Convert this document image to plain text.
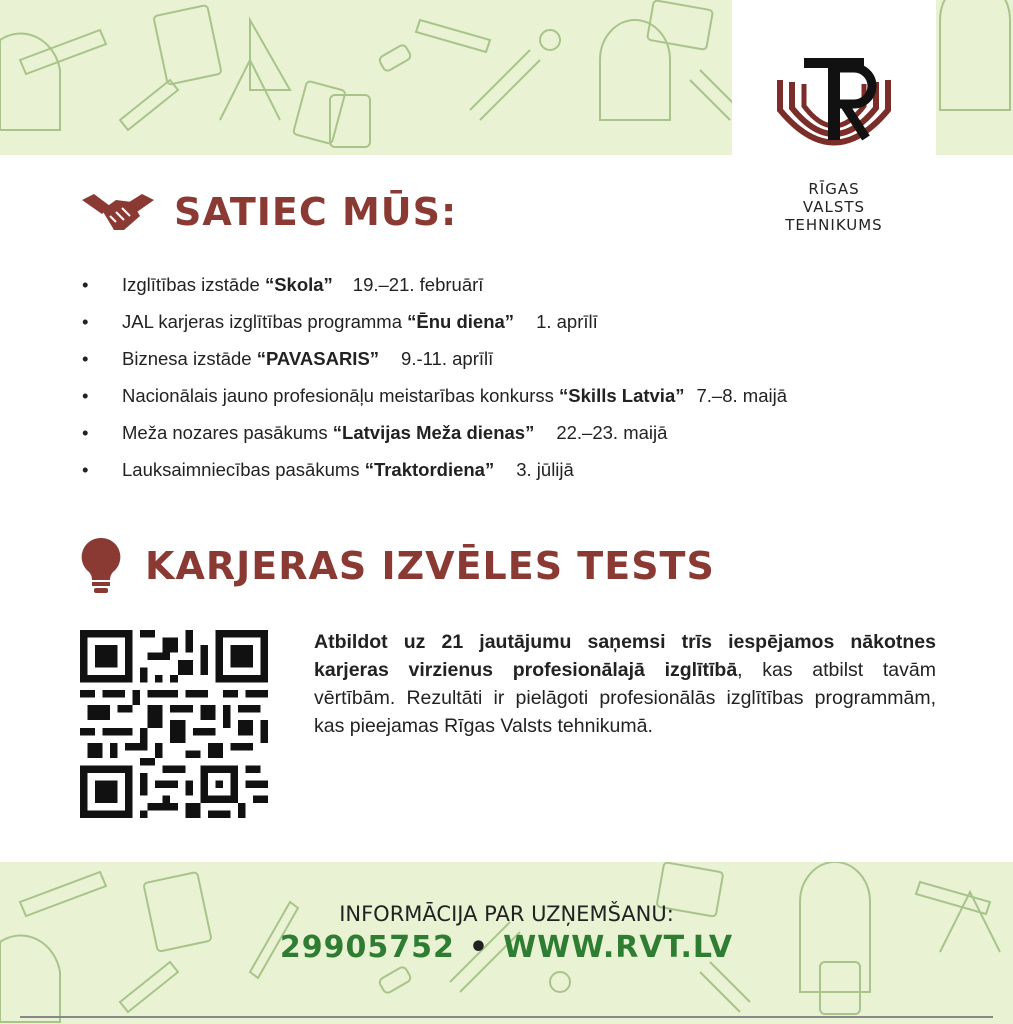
RĪGAS
VALSTS
TEHNIKUMS
SATIEC MŪS:
• Izglītības izstāde “Skola” 19.–21. februārī
• JAL karjeras izglītības programma “Ēnu diena” 1. aprīlī
• Biznesa izstāde “PAVASARIS” 9.-11. aprīlī
• Nacionālais jauno profesionāļu meistarības konkurss “Skills Latvia” 7.–8. maijā
• Meža nozares pasākums “Latvijas Meža dienas” 22.–23. maijā
• Lauksaimniecības pasākums “Traktordiena” 3. jūlijā
KARJERAS IZVĒLES TESTS
Atbildot uz 21 jautājumu saņemsi trīs iespējamos nākotnes karjeras virzienus profesionālajā izglītībā, kas atbilst tavām vērtībām. Rezultāti ir pielāgoti profesionālās izglītības programmām, kas pieejamas Rīgas Valsts tehnikumā.
INFORMĀCIJA PAR UZŅEMŠANU:
29905752 • WWW.RVT.LV
